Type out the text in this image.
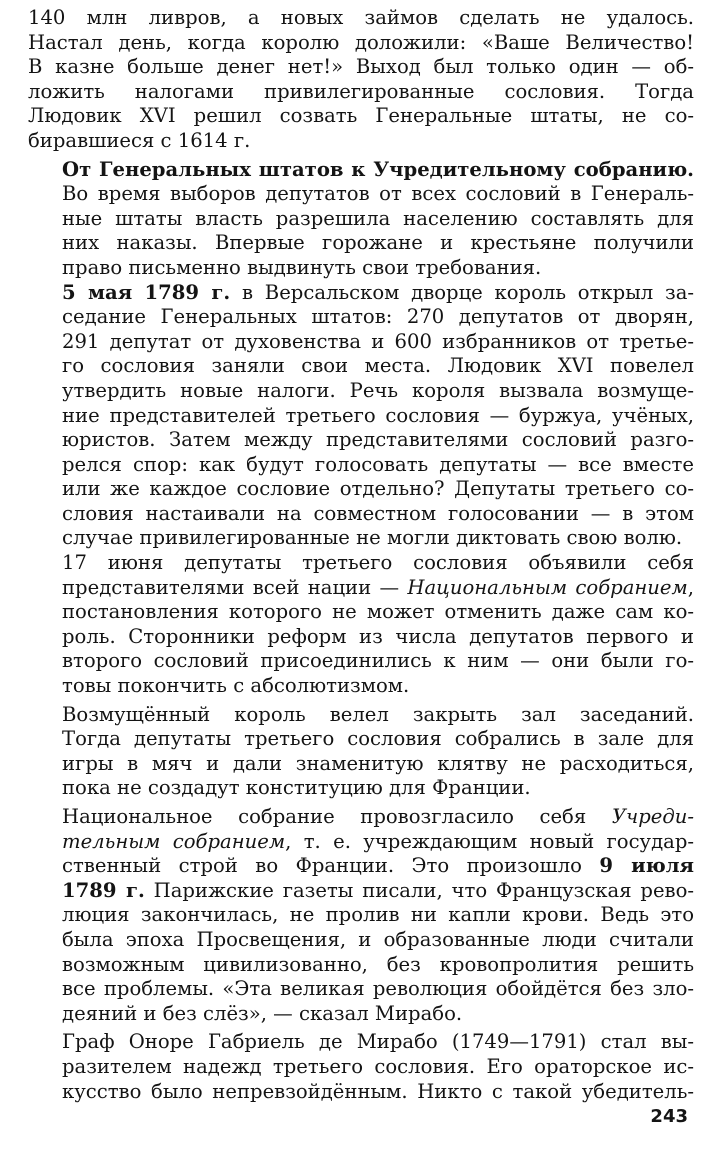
140 млн ливров, а новых займов сделать не удалось.
Настал день, когда королю доложили: «Ваше Величество!
В казне больше денег нет!» Выход был только один — об-
ложить налогами привилегированные сословия. Тогда
Людовик XVI решил созвать Генеральные штаты, не со-
биравшиеся с 1614 г.

От Генеральных штатов к Учредительному собранию.
Во время выборов депутатов от всех сословий в Генераль-
ные штаты власть разрешила населению составлять для
них наказы. Впервые горожане и крестьяне получили
право письменно выдвинуть свои требования.

5 мая 1789 г. в Версальском дворце король открыл за-
седание Генеральных штатов: 270 депутатов от дворян,
291 депутат от духовенства и 600 избранников от третье-
го сословия заняли свои места. Людовик XVI повелел
утвердить новые налоги. Речь короля вызвала возмуще-
ние представителей третьего сословия — буржуа, учёных,
юристов. Затем между представителями сословий разго-
релся спор: как будут голосовать депутаты — все вместе
или же каждое сословие отдельно? Депутаты третьего со-
словия настаивали на совместном голосовании — в этом
случае привилегированные не могли диктовать свою волю.

17 июня депутаты третьего сословия объявили себя
представителями всей нации — Национальным собранием,
постановления которого не может отменить даже сам ко-
роль. Сторонники реформ из числа депутатов первого и
второго сословий присоединились к ним — они были го-
товы покончить с абсолютизмом.

Возмущённый король велел закрыть зал заседаний.
Тогда депутаты третьего сословия собрались в зале для
игры в мяч и дали знаменитую клятву не расходиться,
пока не создадут конституцию для Франции.

Национальное собрание провозгласило себя Учреди-
тельным собранием, т. е. учреждающим новый государ-
ственный строй во Франции. Это произошло 9 июля
1789 г. Парижские газеты писали, что Французская рево-
люция закончилась, не пролив ни капли крови. Ведь это
была эпоха Просвещения, и образованные люди считали
возможным цивилизованно, без кровопролития решить
все проблемы. «Эта великая революция обойдётся без зло-
деяний и без слёз», — сказал Мирабо.

Граф Оноре Габриель де Мирабо (1749—1791) стал вы-
разителем надежд третьего сословия. Его ораторское ис-
кусство было непревзойдённым. Никто с такой убедитель-

243
